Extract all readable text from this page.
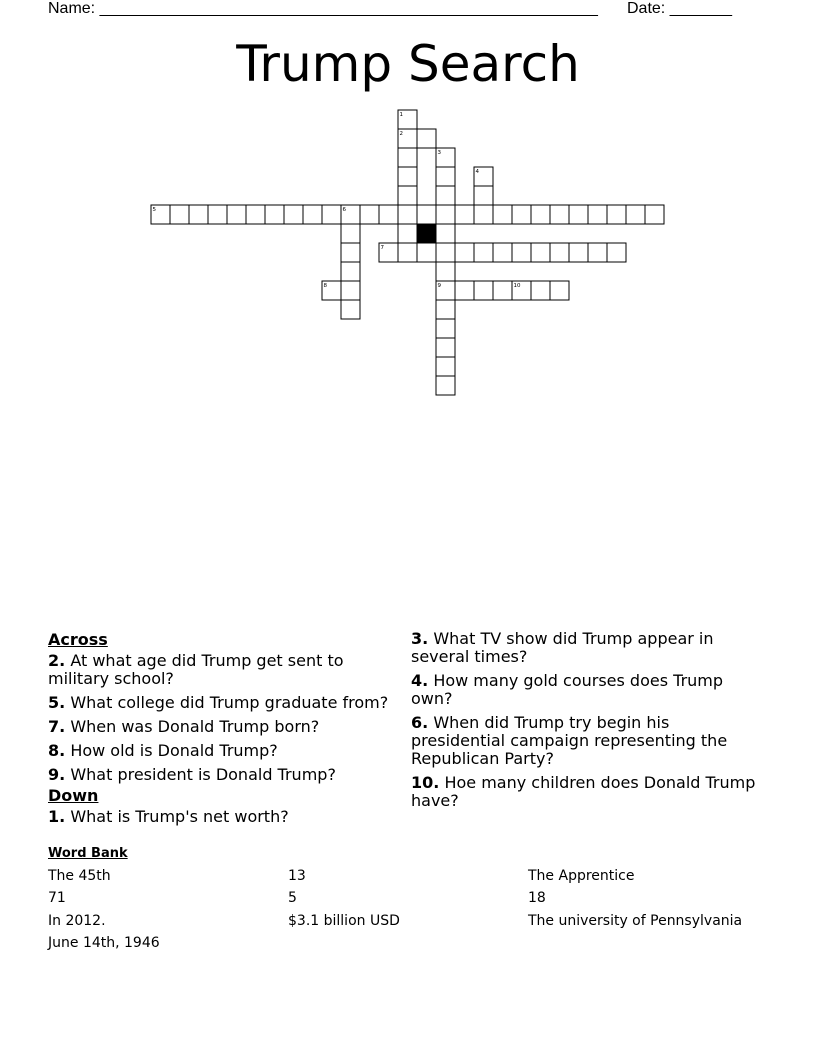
Name: ________________________________________________________ Date: _______
Trump Search
1
2
3
4
5	6
7
8	9	10
Across
2. At what age did Trump get sent to military school?
5. What college did Trump graduate from?
7. When was Donald Trump born?
8. How old is Donald Trump?
9. What president is Donald Trump?
Down
1. What is Trump's net worth?
3. What TV show did Trump appear in several times?
4. How many gold courses does Trump own?
6. When did Trump try begin his presidential campaign representing the Republican Party?
10. Hoe many children does Donald Trump have?
Word Bank
The 45th	13	The Apprentice
71	5	18
In 2012.	$3.1 billion USD	The university of Pennsylvania
June 14th, 1946
